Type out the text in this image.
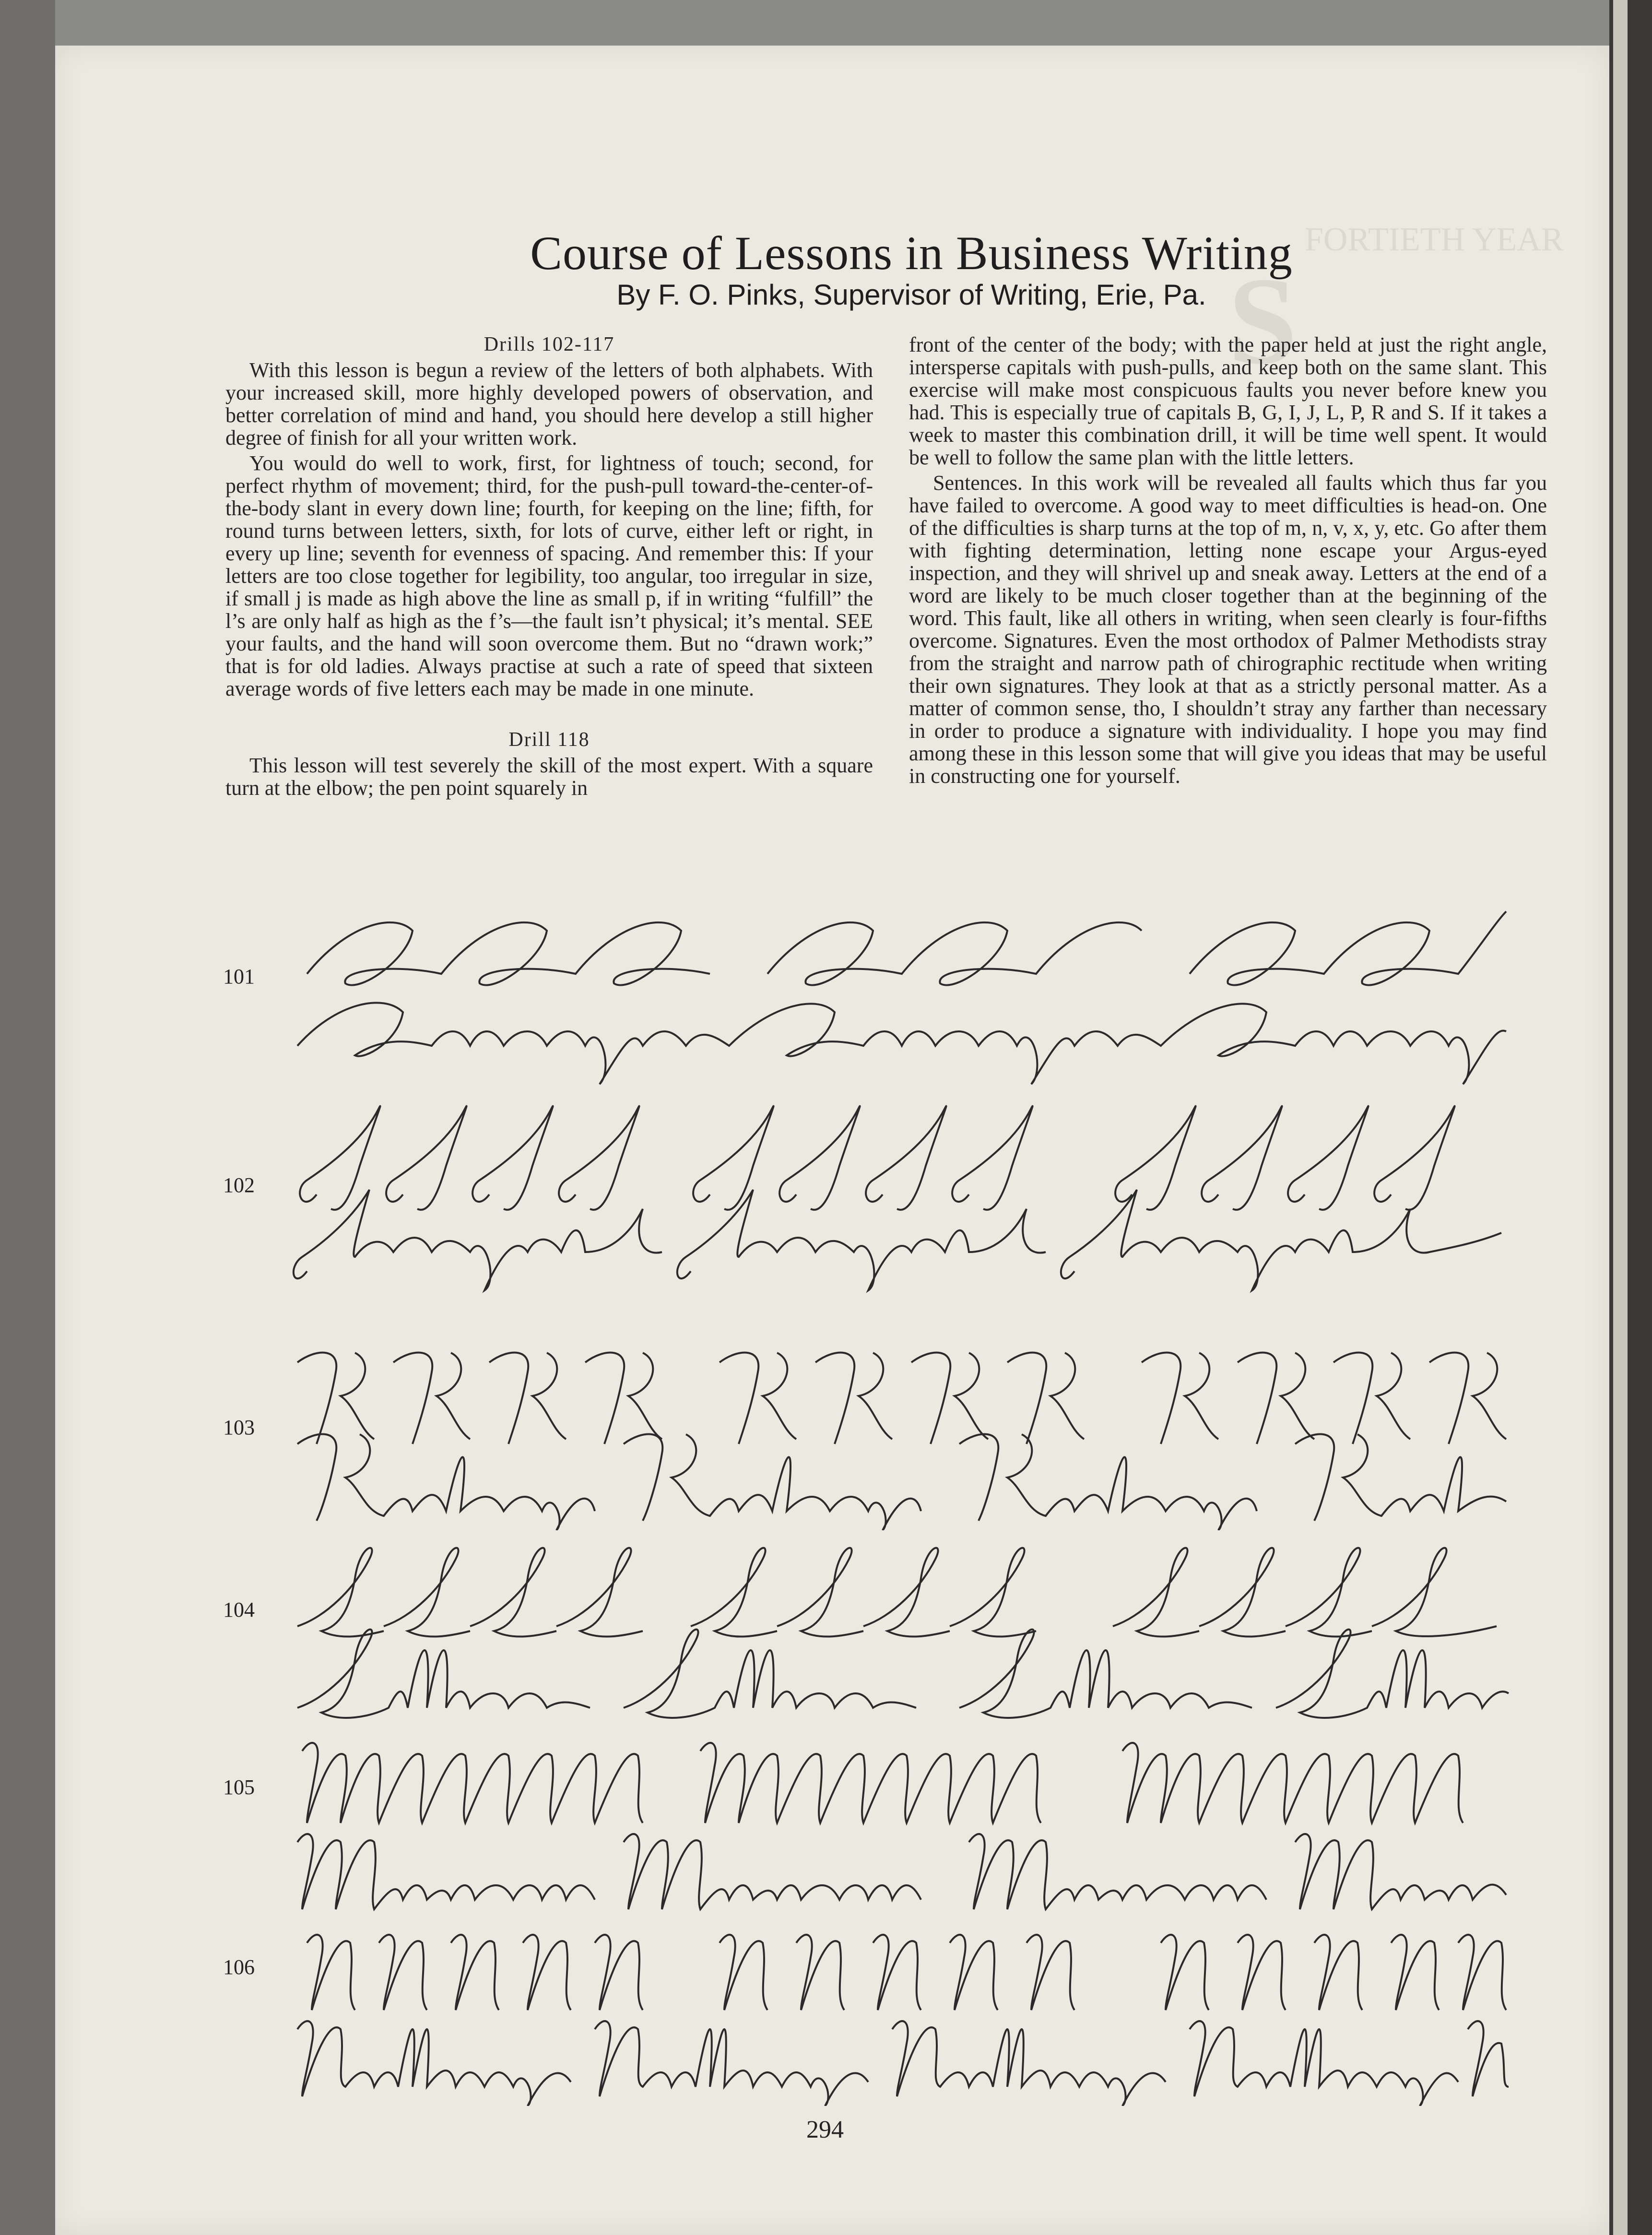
FORTIETH YEAR
S
Course of Lessons in Business Writing
By F. O. Pinks, Supervisor of Writing, Erie, Pa.

Drills 102-117

With this lesson is begun a review of the letters of both alphabets. With your increased skill, more highly developed powers of observation, and better correlation of mind and hand, you should here develop a still higher degree of finish for all your written work.

You would do well to work, first, for lightness of touch; second, for perfect rhythm of movement; third, for the push-pull toward-the-center-of-the-body slant in every down line; fourth, for keeping on the line; fifth, for round turns between letters, sixth, for lots of curve, either left or right, in every up line; seventh for evenness of spacing. And remember this: If your letters are too close together for legibility, too angular, too irregular in size, if small j is made as high above the line as small p, if in writing “fulfill” the l’s are only half as high as the f’s—the fault isn’t physical; it’s mental. SEE your faults, and the hand will soon overcome them. But no “drawn work;” that is for old ladies. Always practise at such a rate of speed that sixteen average words of five letters each may be made in one minute.

Drill 118

This lesson will test severely the skill of the most expert. With a square turn at the elbow; the pen point squarely in

front of the center of the body; with the paper held at just the right angle, intersperse capitals with push-pulls, and keep both on the same slant. This exercise will make most conspicuous faults you never before knew you had. This is especially true of capitals B, G, I, J, L, P, R and S. If it takes a week to master this combination drill, it will be time well spent. It would be well to follow the same plan with the little letters.

Sentences. In this work will be revealed all faults which thus far you have failed to overcome. A good way to meet difficulties is head-on. One of the difficulties is sharp turns at the top of m, n, v, x, y, etc. Go after them with fighting determination, letting none escape your Argus-eyed inspection, and they will shrivel up and sneak away. Letters at the end of a word are likely to be much closer together than at the beginning of the word. This fault, like all others in writing, when seen clearly is four-fifths overcome. Signatures. Even the most orthodox of Palmer Methodists stray from the straight and narrow path of chirographic rectitude when writing their own signatures. They look at that as a strictly personal matter. As a matter of common sense, tho, I shouldn’t stray any farther than necessary in order to produce a signature with individuality. I hope you may find among these in this lesson some that will give you ideas that may be useful in constructing one for yourself.

101
102
103
104
105
106
294
